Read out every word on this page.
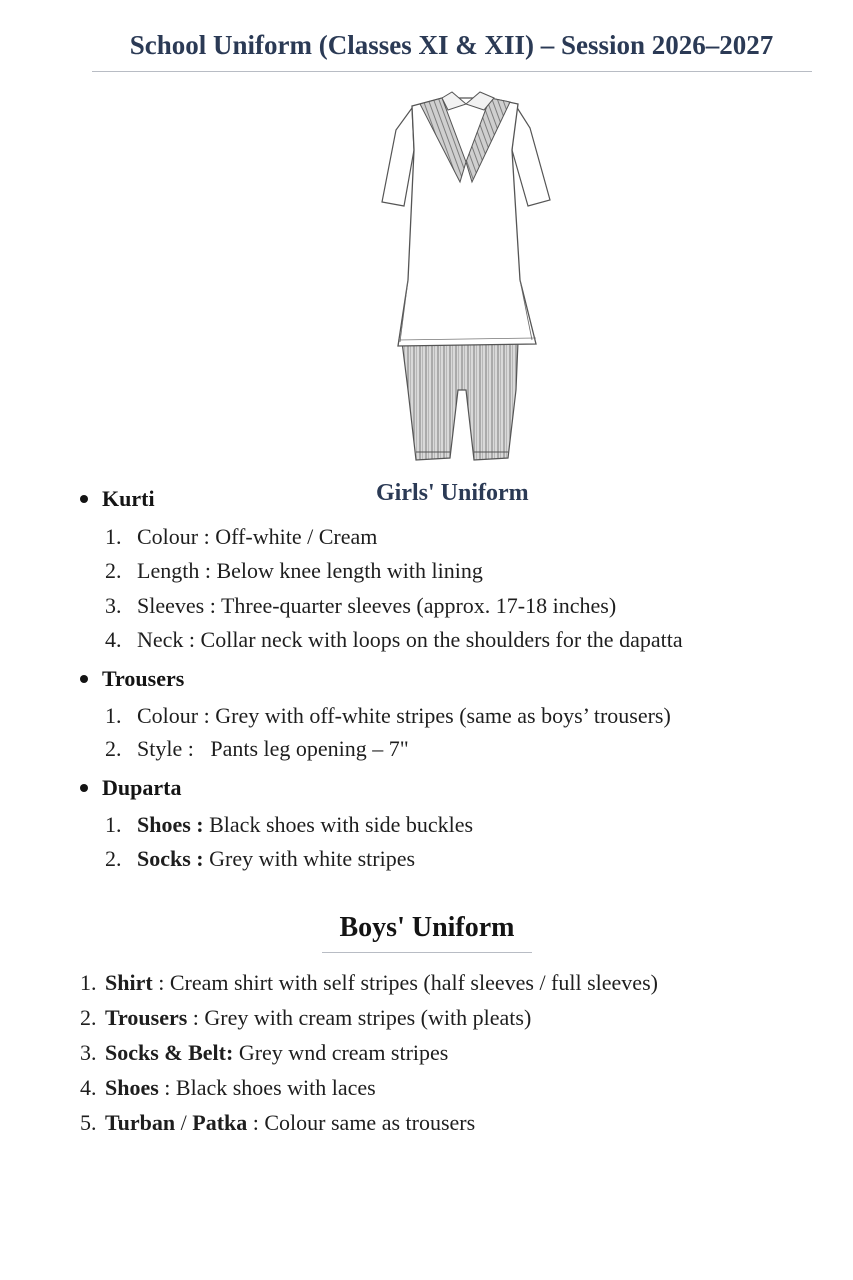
School Uniform (Classes XI & XII) – Session 2026–2027
Girls' Uniform
Kurti
1. Colour : Off-white / Cream
2. Length : Below knee length with lining
3. Sleeves : Three-quarter sleeves (approx. 17-18 inches)
4. Neck : Collar neck with loops on the shoulders for the dapatta
Trousers
1. Colour : Grey with off-white stripes (same as boys’ trousers)
2. Style : Pants leg opening – 7"
Duparta
1. Shoes : Black shoes with side buckles
2. Socks : Grey with white stripes
Boys' Uniform
1. Shirt : Cream shirt with self stripes (half sleeves / full sleeves)
2. Trousers : Grey with cream stripes (with pleats)
3. Socks & Belt: Grey wnd cream stripes
4. Shoes : Black shoes with laces
5. Turban / Patka : Colour same as trousers
